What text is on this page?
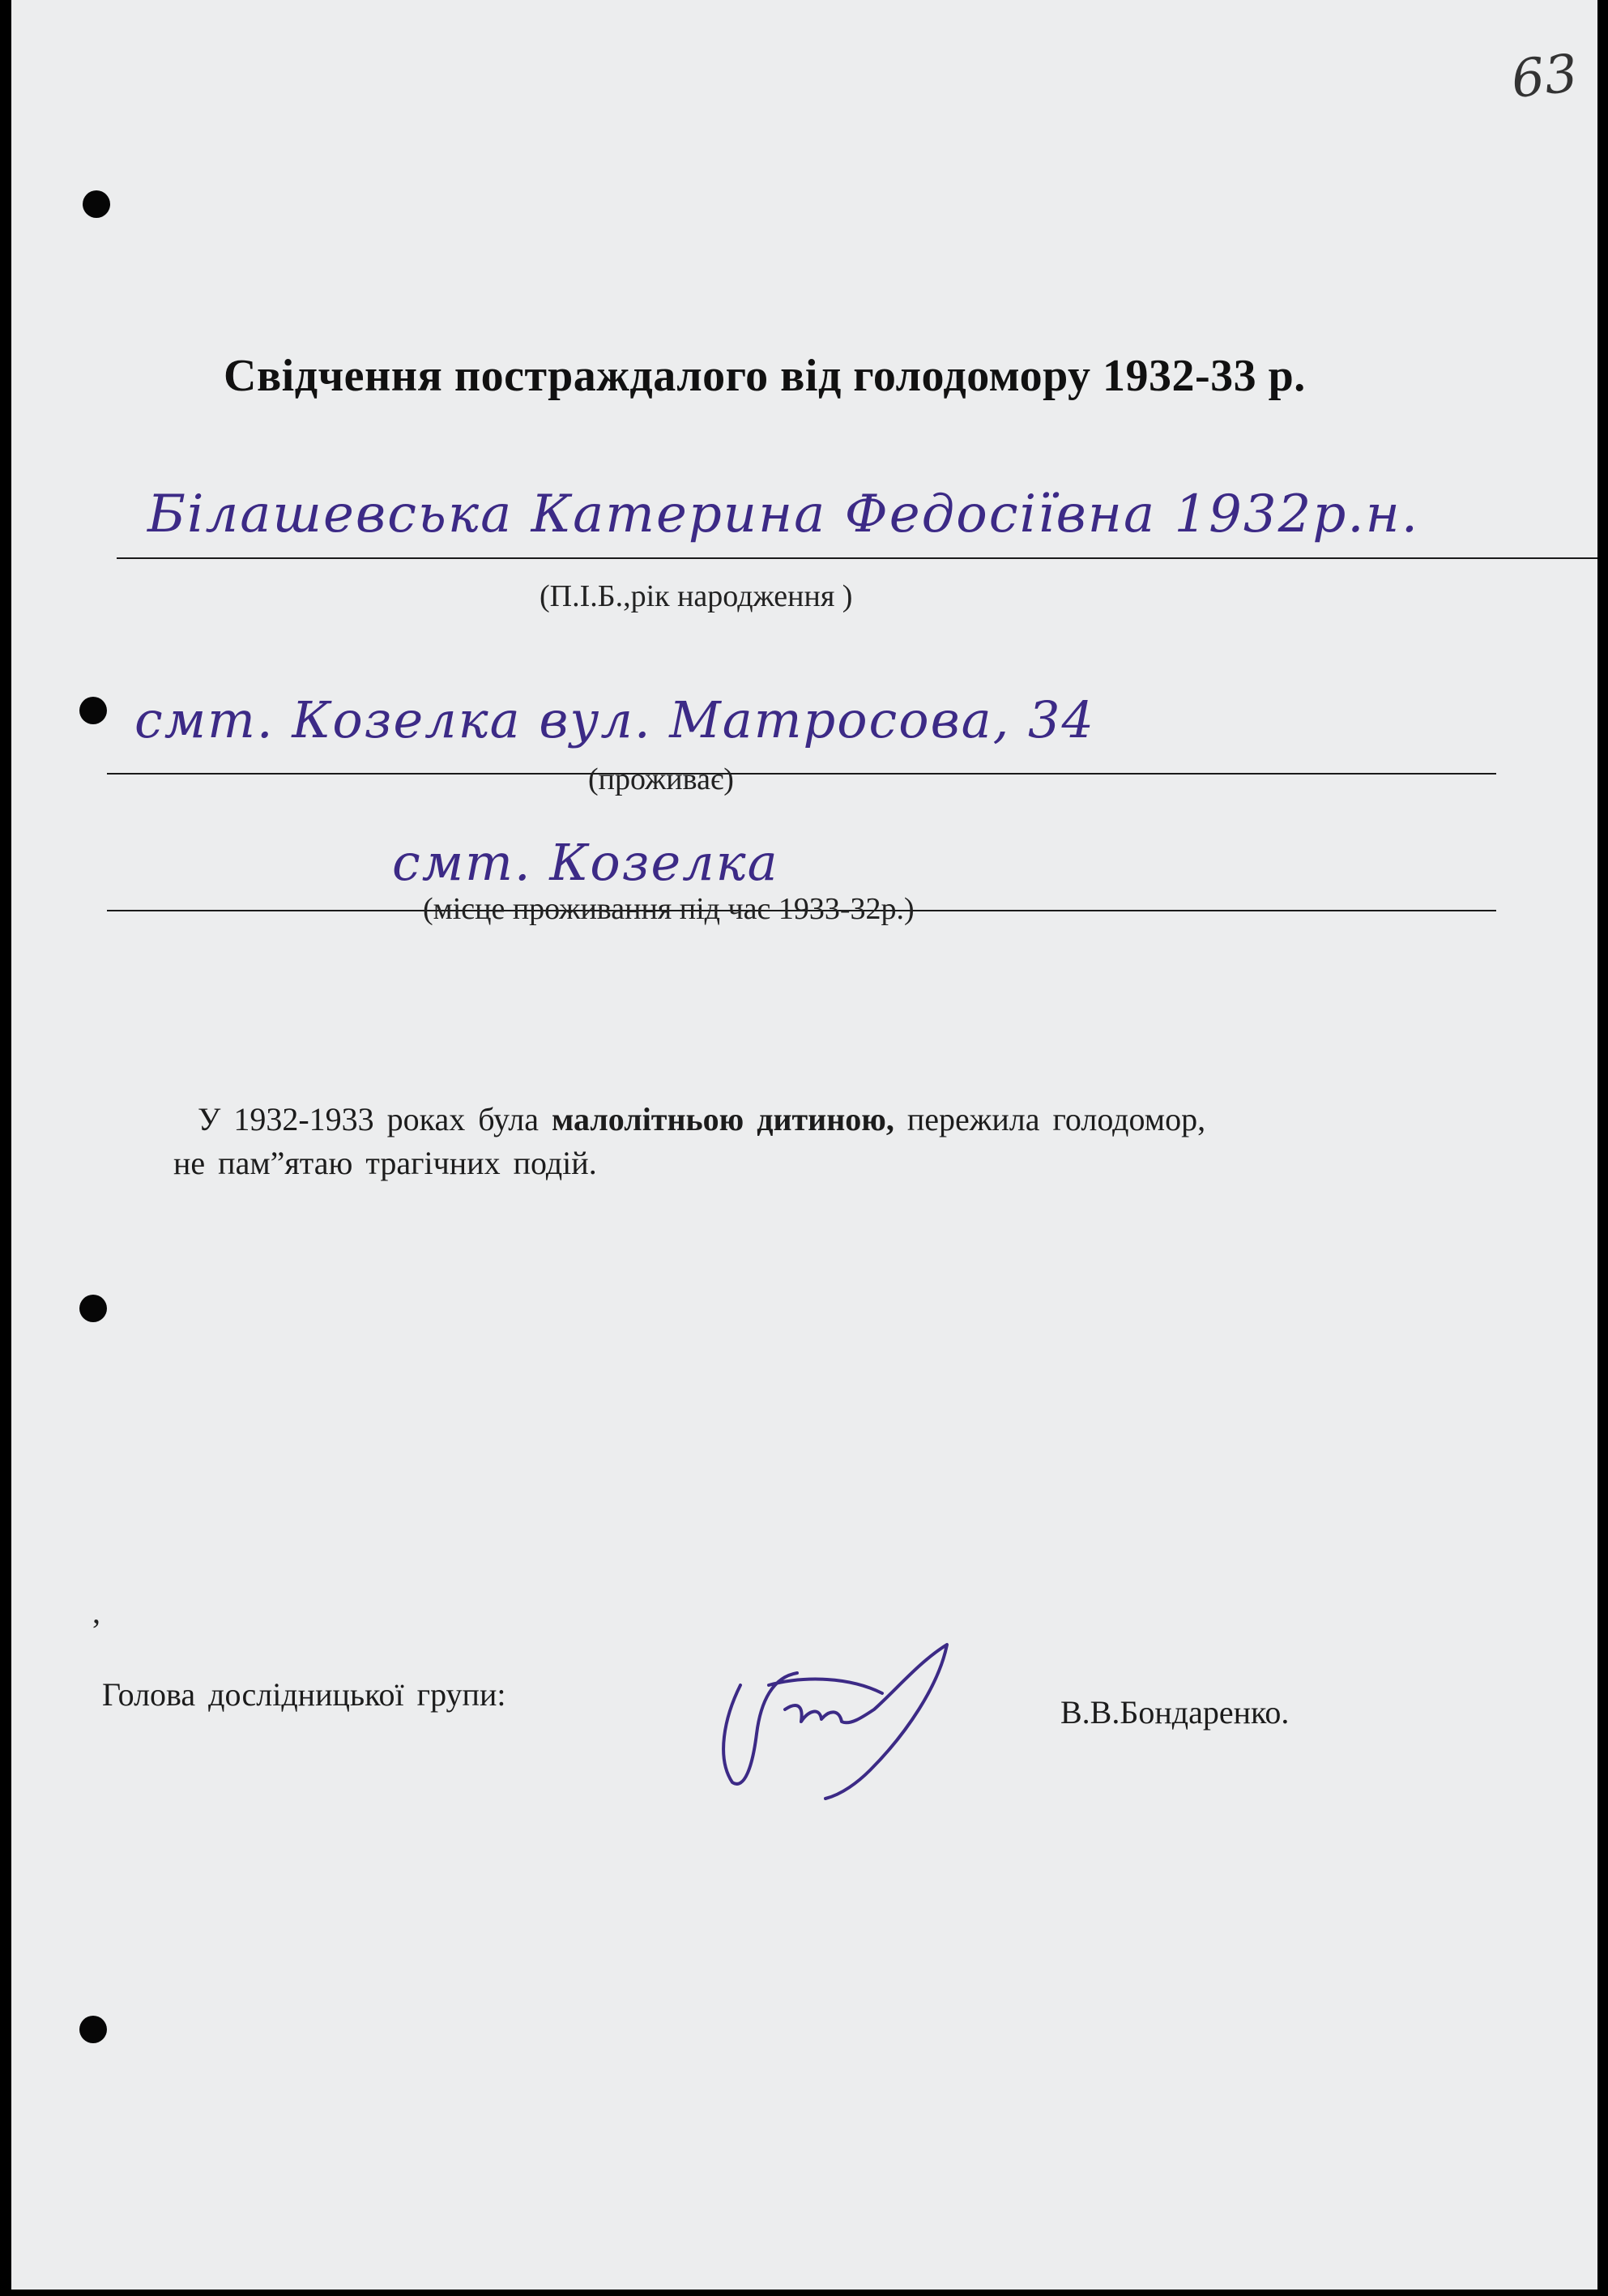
63
Свідчення постраждалого від голодомору 1932-33 р.
Білашевська Катерина Федосіївна 1932р.н.
(П.І.Б.,рік народження )
смт. Козелка вул. Матросова, 34
(проживає)
смт. Козелка
(місце проживання під час 1933-32р.)
У 1932-1933 роках була малолітньою дитиною, пережила голодомор,
не пам”ятаю трагічних подій.
,
Голова дослідницької групи:	В.В.Бондаренко.
